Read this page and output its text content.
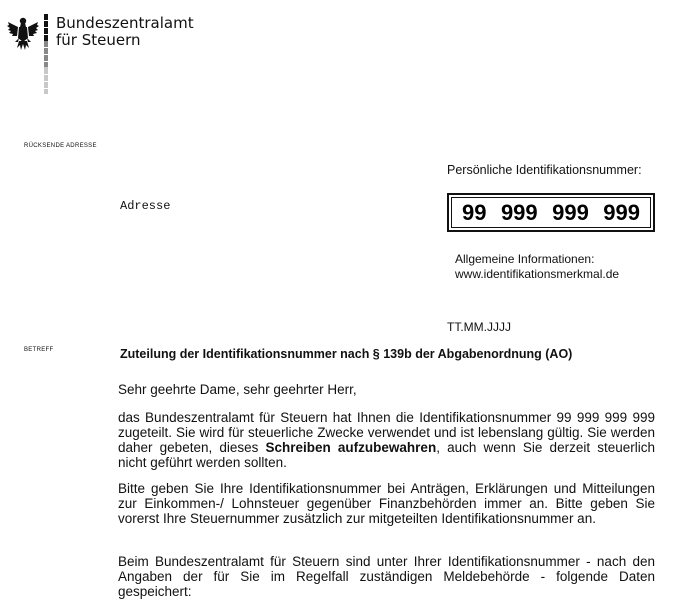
Bundeszentralamt
für Steuern
RÜCKSENDE ADRESSE
Adresse
Persönliche Identifikationsnummer:
99 999 999 999
Allgemeine Informationen:
www.identifikationsmerkmal.de
TT.MM.JJJJ
BETREFF	Zuteilung der Identifikationsnummer nach § 139b der Abgabenordnung (AO)
Sehr geehrte Dame, sehr geehrter Herr,
das Bundeszentralamt für Steuern hat Ihnen die Identifikationsnummer 99 999 999 999 zugeteilt. Sie wird für steuerliche Zwecke verwendet und ist lebenslang gültig. Sie werden daher gebeten, dieses Schreiben aufzubewahren, auch wenn Sie derzeit steuerlich nicht geführt werden sollten.
Bitte geben Sie Ihre Identifikationsnummer bei Anträgen, Erklärungen und Mitteilungen zur Einkommen-/ Lohnsteuer gegenüber Finanzbehörden immer an. Bitte geben Sie vorerst Ihre Steuernummer zusätzlich zur mitgeteilten Identifikationsnummer an.
Beim Bundeszentralamt für Steuern sind unter Ihrer Identifikationsnummer - nach den Angaben der für Sie im Regelfall zuständigen Meldebehörde - folgende Daten gespeichert:
